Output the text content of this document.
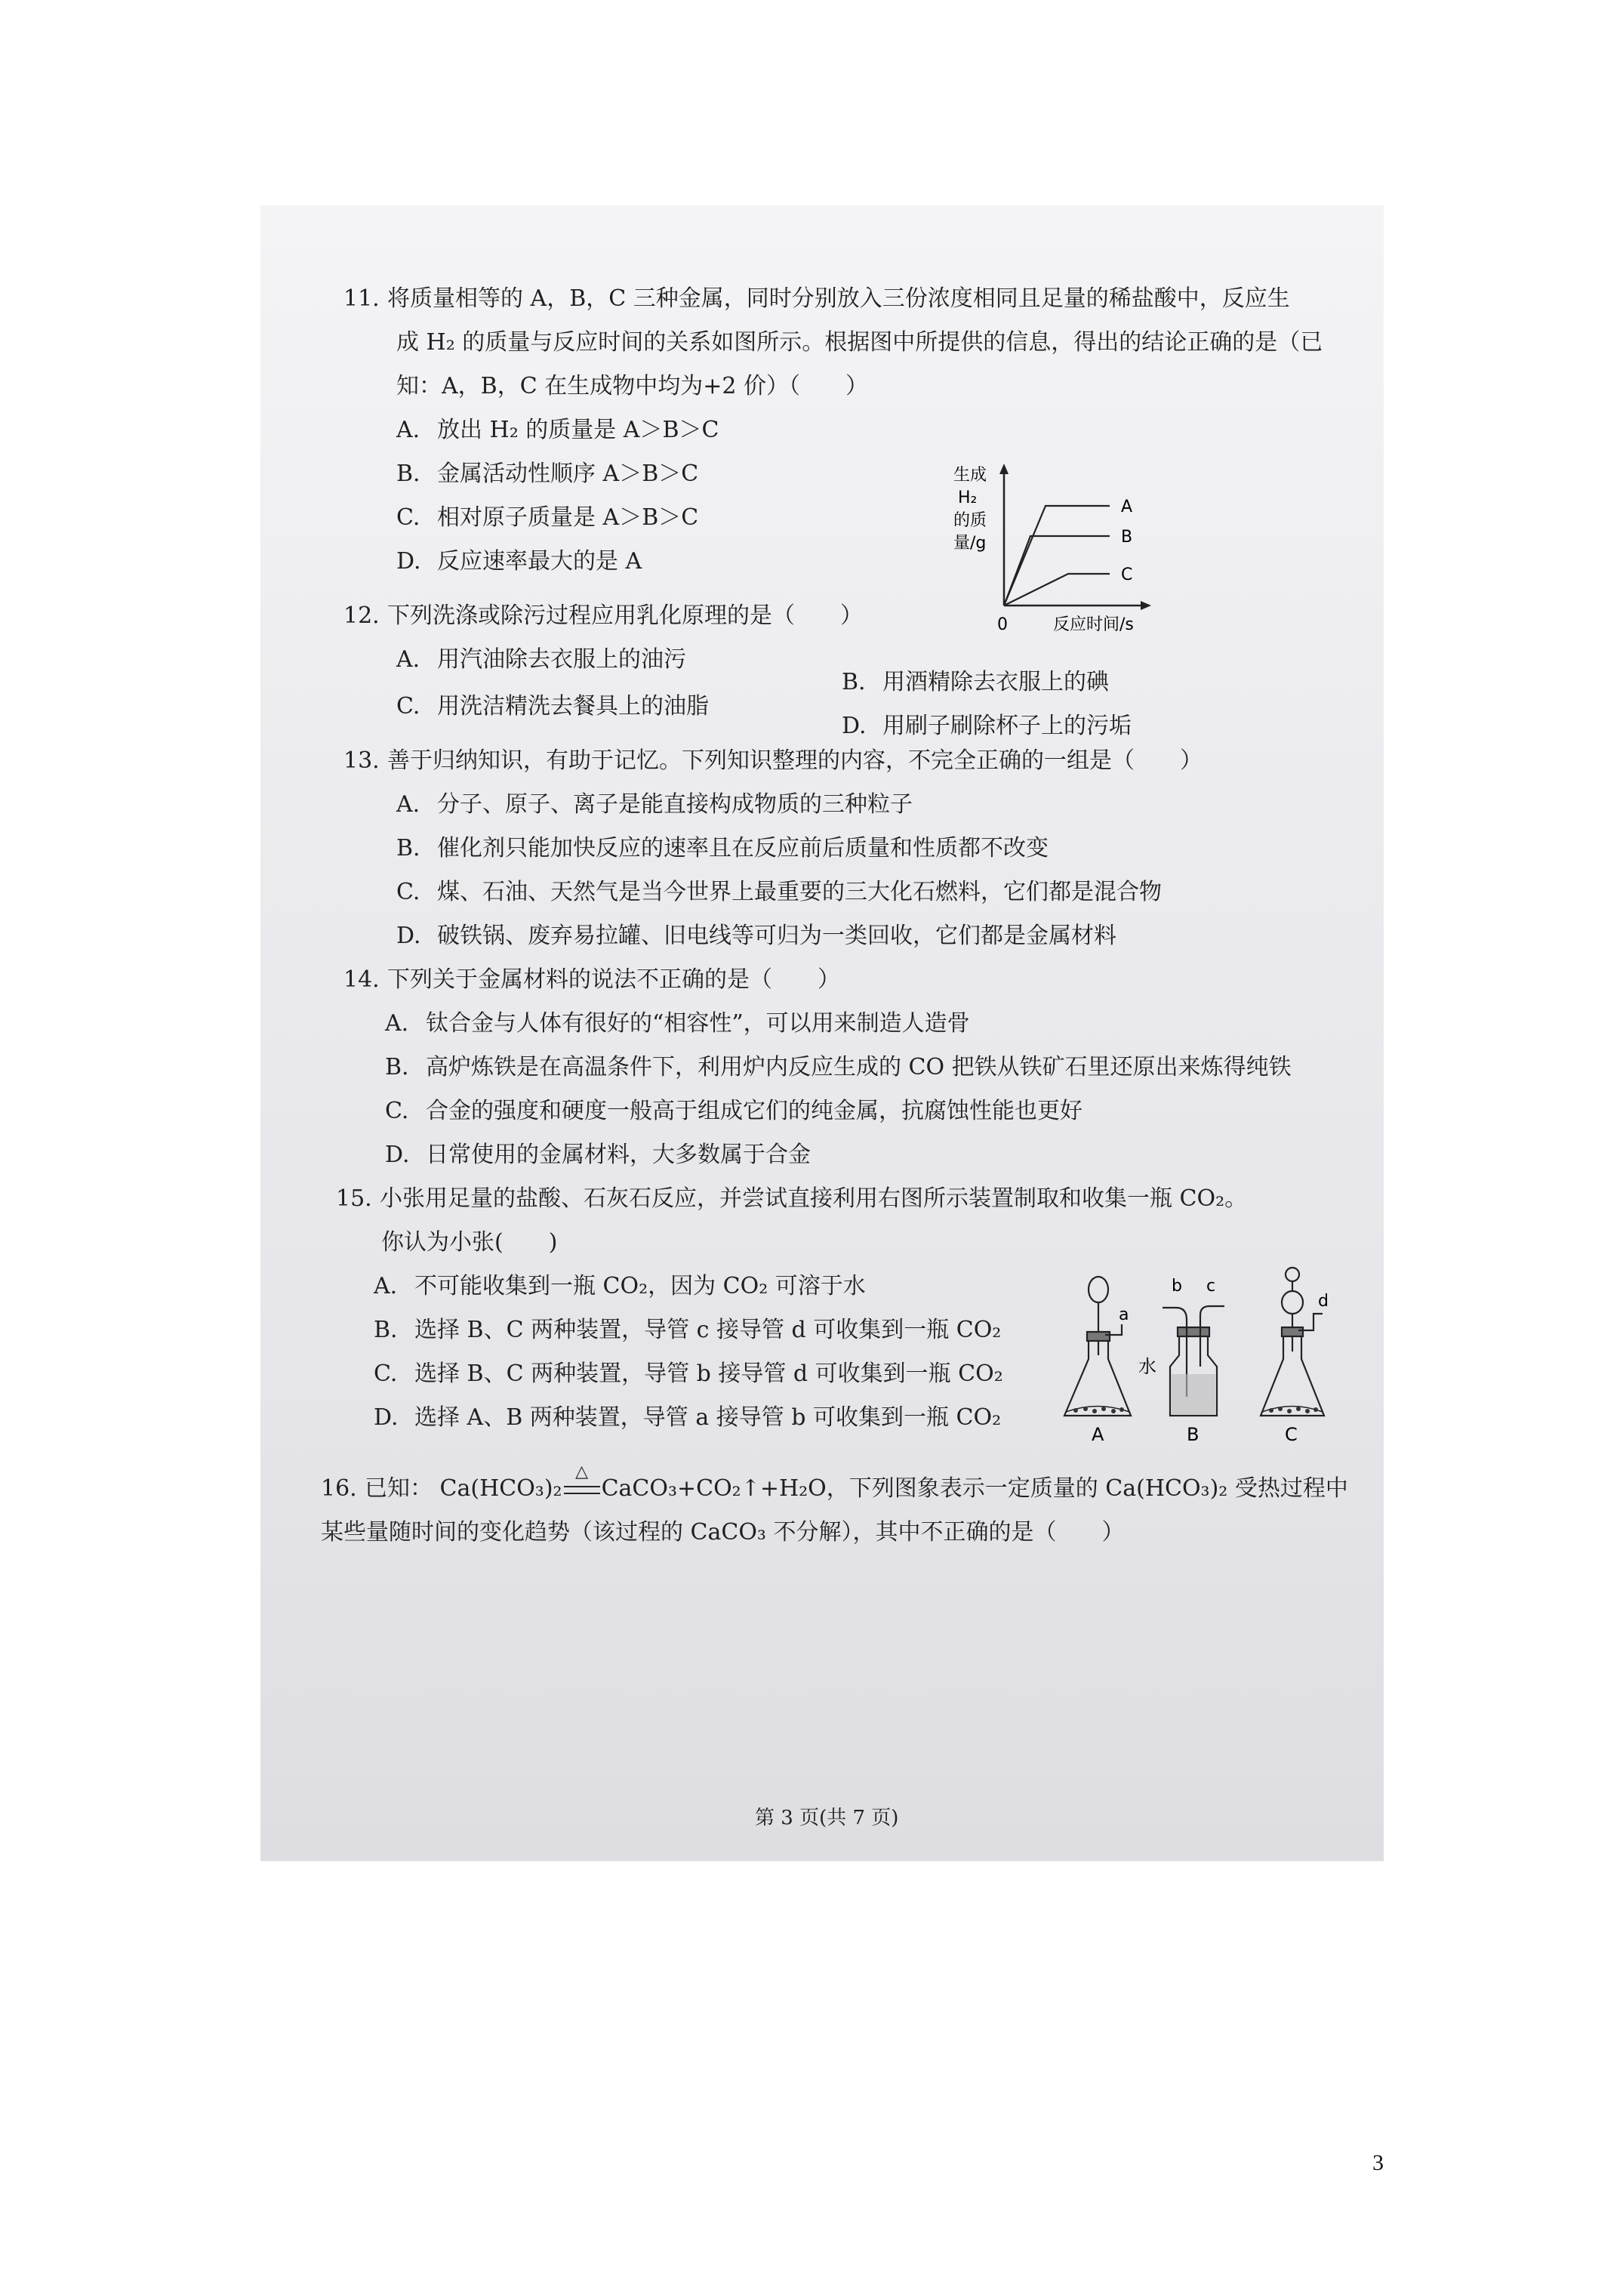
11. 将质量相等的 A，B，C 三种金属，同时分别放入三份浓度相同且足量的稀盐酸中，反应生
成 H₂ 的质量与反应时间的关系如图所示。根据图中所提供的信息，得出的结论正确的是（已
知：A，B，C 在生成物中均为+2 价）（　　）
A. 放出 H₂ 的质量是 A＞B＞C
B. 金属活动性顺序 A＞B＞C
C. 相对原子质量是 A＞B＞C
D. 反应速率最大的是 A
生成
H₂
的质
量/g
A
B
C
0	反应时间/s
12. 下列洗涤或除污过程应用乳化原理的是（　　）
A. 用汽油除去衣服上的油污
B. 用酒精除去衣服上的碘
C. 用洗洁精洗去餐具上的油脂
D. 用刷子刷除杯子上的污垢
13. 善于归纳知识，有助于记忆。下列知识整理的内容，不完全正确的一组是（　　）
A. 分子、原子、离子是能直接构成物质的三种粒子
B. 催化剂只能加快反应的速率且在反应前后质量和性质都不改变
C. 煤、石油、天然气是当今世界上最重要的三大化石燃料，它们都是混合物
D. 破铁锅、废弃易拉罐、旧电线等可归为一类回收，它们都是金属材料
14. 下列关于金属材料的说法不正确的是（　　）
A. 钛合金与人体有很好的“相容性”，可以用来制造人造骨
B. 高炉炼铁是在高温条件下，利用炉内反应生成的 CO 把铁从铁矿石里还原出来炼得纯铁
C. 合金的强度和硬度一般高于组成它们的纯金属，抗腐蚀性能也更好
D. 日常使用的金属材料，大多数属于合金
15. 小张用足量的盐酸、石灰石反应，并尝试直接利用右图所示装置制取和收集一瓶 CO₂。
你认为小张(　　)
A. 不可能收集到一瓶 CO₂，因为 CO₂ 可溶于水
B. 选择 B、C 两种装置，导管 c 接导管 d 可收集到一瓶 CO₂
C. 选择 B、C 两种装置，导管 b 接导管 d 可收集到一瓶 CO₂
D. 选择 A、B 两种装置，导管 a 接导管 b 可收集到一瓶 CO₂
a
A
b c
水
B
d
C
16. 已知： Ca(HCO₃)₂
△
CaCO₃+CO₂↑+H₂O，下列图象表示一定质量的 Ca(HCO₃)₂ 受热过程中
某些量随时间的变化趋势（该过程的 CaCO₃ 不分解），其中不正确的是（　　）
第 3 页(共 7 页)
3
